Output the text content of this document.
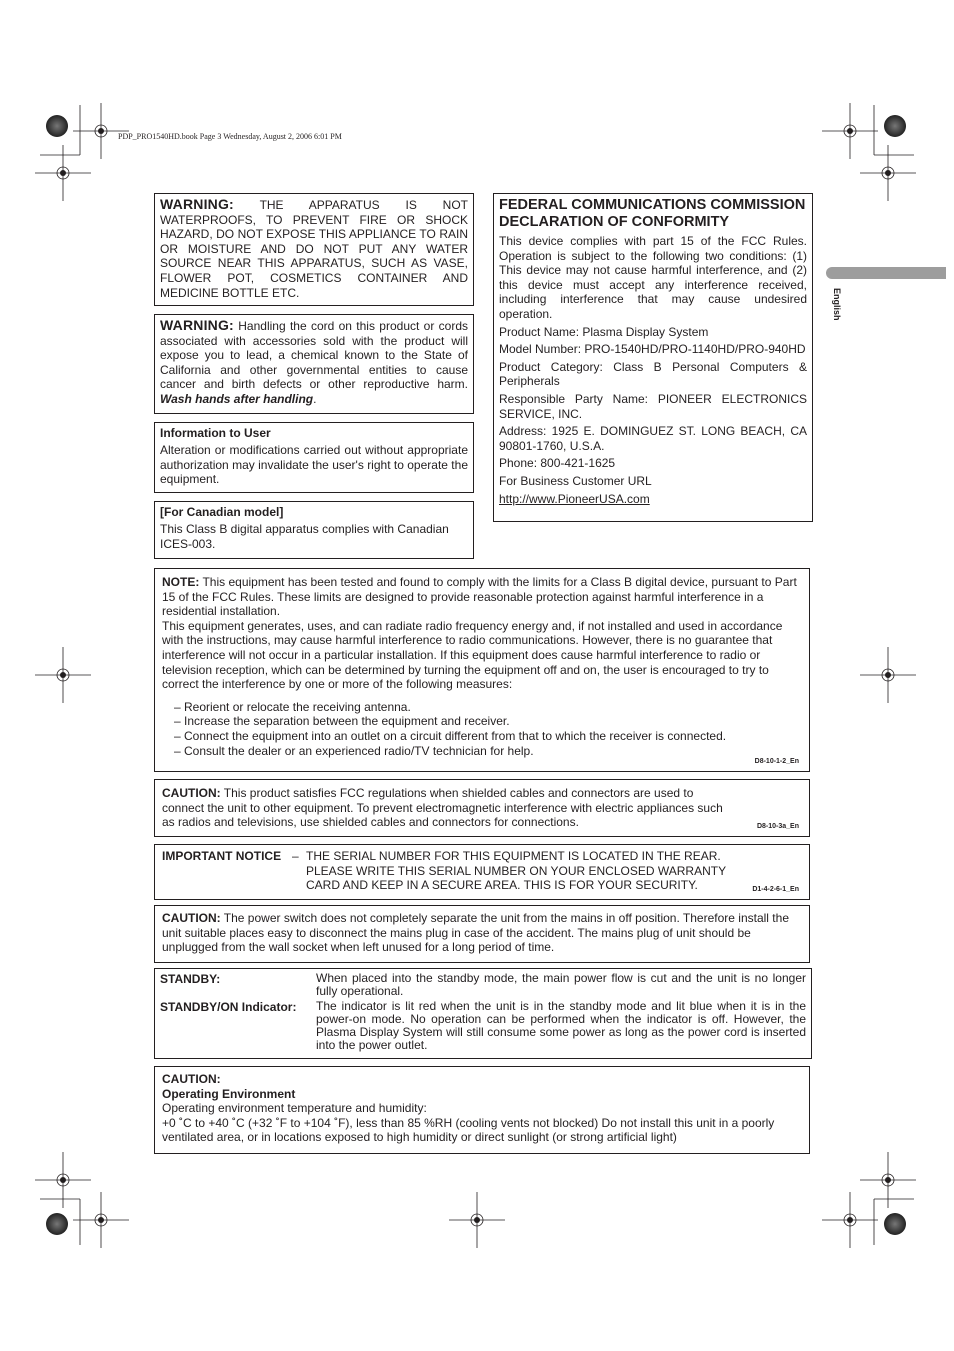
PDP_PRO1540HD.book Page 3 Wednesday, August 2, 2006 6:01 PM
English
WARNING: THE APPARATUS IS NOT WATERPROOFS, TO PREVENT FIRE OR SHOCK HAZARD, DO NOT EXPOSE THIS APPLIANCE TO RAIN OR MOISTURE AND DO NOT PUT ANY WATER SOURCE NEAR THIS APPARATUS, SUCH AS VASE, FLOWER POT, COSMETICS CONTAINER AND MEDICINE BOTTLE ETC.
WARNING: Handling the cord on this product or cords associated with accessories sold with the product will expose you to lead, a chemical known to the State of California and other governmental entities to cause cancer and birth defects or other reproductive harm. Wash hands after handling.
Information to User
Alteration or modifications carried out without appropriate authorization may invalidate the user's right to operate the equipment.
[For Canadian model]
This Class B digital apparatus complies with Canadian ICES-003.
FEDERAL COMMUNICATIONS COMMISSION DECLARATION OF CONFORMITY

This device complies with part 15 of the FCC Rules. Operation is subject to the following two conditions: (1) This device may not cause harmful interference, and (2) this device must accept any interference received, including interference that may cause undesired operation.

Product Name: Plasma Display System

Model Number: PRO-1540HD/PRO-1140HD/PRO-940HD

Product Category: Class B Personal Computers & Peripherals

Responsible Party Name: PIONEER ELECTRONICS SERVICE, INC.

Address: 1925 E. DOMINGUEZ ST. LONG BEACH, CA 90801-1760, U.S.A.

Phone: 800-421-1625

For Business Customer URL

http://www.PioneerUSA.com

NOTE: This equipment has been tested and found to comply with the limits for a Class B digital device, pursuant to Part 15 of the FCC Rules. These limits are designed to provide reasonable protection against harmful interference in a residential installation.
This equipment generates, uses, and can radiate radio frequency energy and, if not installed and used in accordance with the instructions, may cause harmful interference to radio communications. However, there is no guarantee that interference will not occur in a particular installation. If this equipment does cause harmful interference to radio or television reception, which can be determined by turning the equipment off and on, the user is encouraged to try to correct the interference by one or more of the following measures:
– Reorient or relocate the receiving antenna.
– Increase the separation between the equipment and receiver.
– Connect the equipment into an outlet on a circuit different from that to which the receiver is connected.
– Consult the dealer or an experienced radio/TV technician for help.
D8-10-1-2_En
CAUTION: This product satisfies FCC regulations when shielded cables and connectors are used to connect the unit to other equipment. To prevent electromagnetic interference with electric appliances such as radios and televisions, use shielded cables and connectors for connections.	D8-10-3a_En
IMPORTANT NOTICE – THE SERIAL NUMBER FOR THIS EQUIPMENT IS LOCATED IN THE REAR.
PLEASE WRITE THIS SERIAL NUMBER ON YOUR ENCLOSED WARRANTY CARD AND KEEP IN A SECURE AREA. THIS IS FOR YOUR SECURITY.	D1-4-2-6-1_En
CAUTION: The power switch does not completely separate the unit from the mains in off position. Therefore install the unit suitable places easy to disconnect the mains plug in case of the accident. The mains plug of unit should be unplugged from the wall socket when left unused for a long period of time.
STANDBY:	When placed into the standby mode, the main power flow is cut and the unit is no longer fully operational.
STANDBY/ON Indicator:	The indicator is lit red when the unit is in the standby mode and lit blue when it is in the power-on mode. No operation can be performed when the indicator is off. However, the Plasma Display System will still consume some power as long as the power cord is inserted into the power outlet.
CAUTION:
Operating Environment
Operating environment temperature and humidity:
+0 ˚C to +40 ˚C (+32 ˚F to +104 ˚F), less than 85 %RH (cooling vents not blocked) Do not install this unit in a poorly ventilated area, or in locations exposed to high humidity or direct sunlight (or strong artificial light)
